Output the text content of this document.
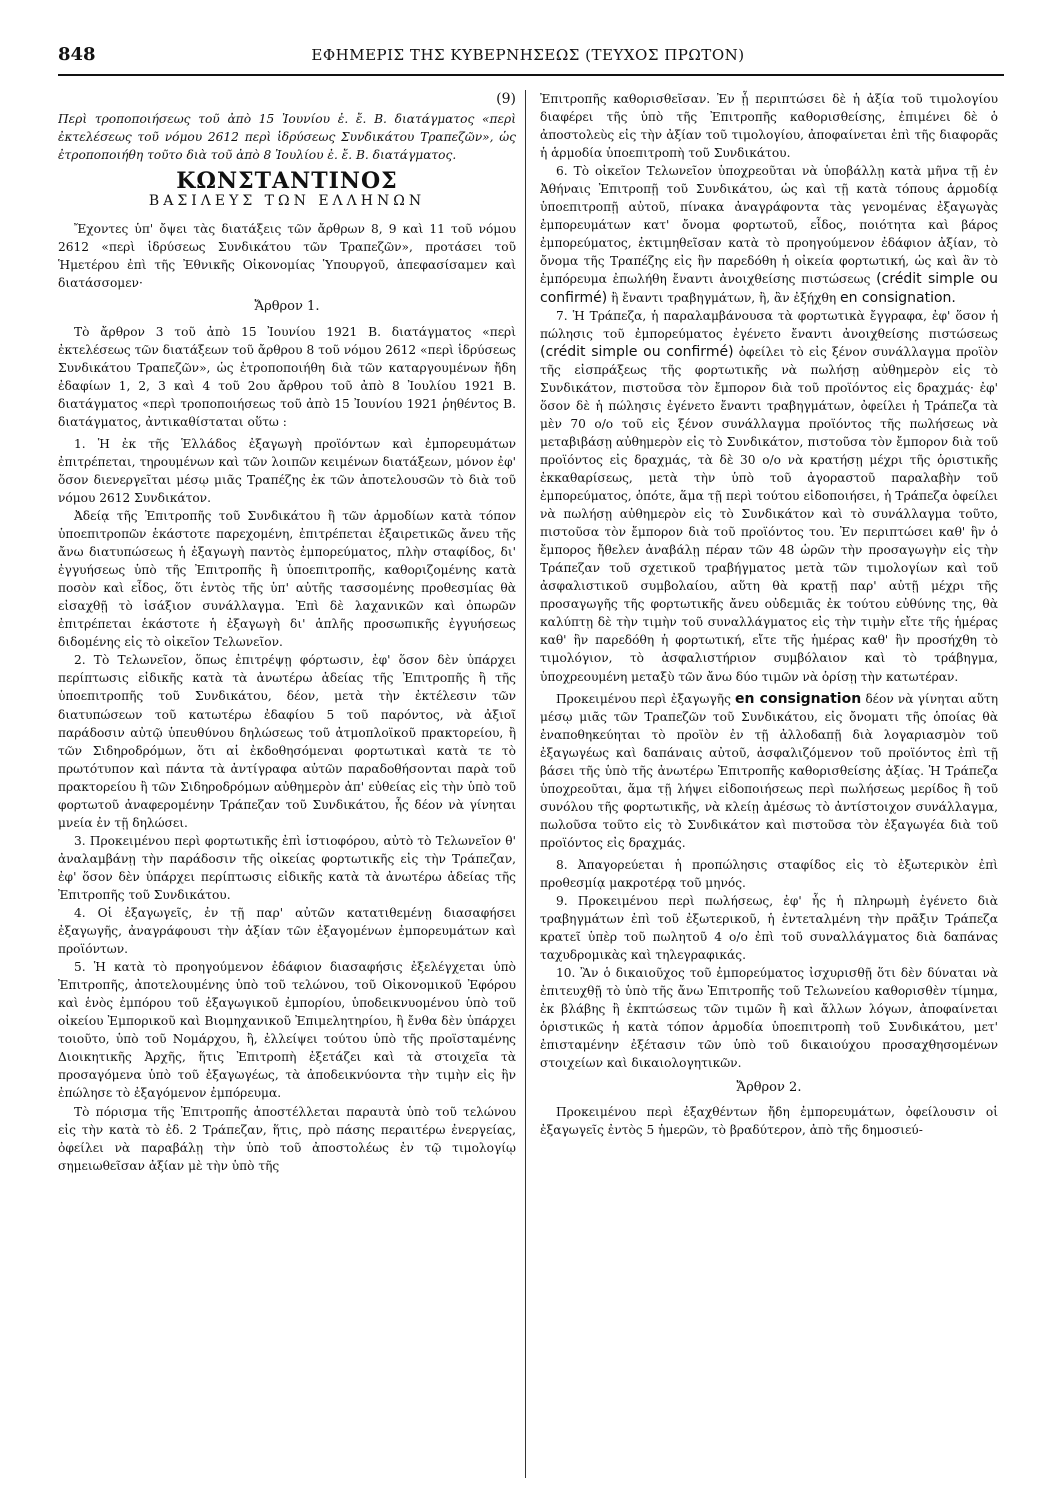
848	ΕΦΗΜΕΡΙΣ ΤΗΣ ΚΥΒΕΡΝΗΣΕΩΣ (ΤΕΥΧΟΣ ΠΡΩΤΟΝ)

(9)

Περὶ τροποποιήσεως τοῦ ἀπὸ 15 Ἰουνίου ἐ. ἔ. Β. διατάγματος «περὶ ἐκτελέσεως τοῦ νόμου 2612 περὶ ἱδρύσεως Συνδικάτου Τραπεζῶν», ὡς ἐτροποποιήθη τοῦτο διὰ τοῦ ἀπὸ 8 Ἰουλίου ἐ. ἔ. Β. διατάγματος.

ΚΩΝΣΤΑΝΤΙΝΟΣ

ΒΑΣΙΛΕΥΣ ΤΩΝ ΕΛΛΗΝΩΝ

Ἔχοντες ὑπ' ὄψει τὰς διατάξεις τῶν ἄρθρων 8, 9 καὶ 11 τοῦ νόμου 2612 «περὶ ἱδρύσεως Συνδικάτου τῶν Τραπεζῶν», προτάσει τοῦ Ἡμετέρου ἐπὶ τῆς Ἐθνικῆς Οἰκονομίας Ὑπουργοῦ, ἀπεφασίσαμεν καὶ διατάσσομεν·

Ἄρθρον 1.

Τὸ ἄρθρον 3 τοῦ ἀπὸ 15 Ἰουνίου 1921 Β. διατάγματος «περὶ ἐκτελέσεως τῶν διατάξεων τοῦ ἄρθρου 8 τοῦ νόμου 2612 «περὶ ἱδρύσεως Συνδικάτου Τραπεζῶν», ὡς ἐτροποποιήθη διὰ τῶν καταργουμένων ἤδη ἐδαφίων 1, 2, 3 καὶ 4 τοῦ 2ου ἄρθρου τοῦ ἀπὸ 8 Ἰουλίου 1921 Β. διατάγματος «περὶ τροποποιήσεως τοῦ ἀπὸ 15 Ἰουνίου 1921 ῥηθέντος Β. διατάγματος, ἀντικαθίσταται οὕτω :

1. Ἡ ἐκ τῆς Ἑλλάδος ἐξαγωγὴ προϊόντων καὶ ἐμπορευμάτων ἐπιτρέπεται, τηρουμένων καὶ τῶν λοιπῶν κειμένων διατάξεων, μόνον ἐφ' ὅσον διενεργεῖται μέσῳ μιᾶς Τραπέζης ἐκ τῶν ἀποτελουσῶν τὸ διὰ τοῦ νόμου 2612 Συνδικάτον.

Ἀδείᾳ τῆς Ἐπιτροπῆς τοῦ Συνδικάτου ἢ τῶν ἁρμοδίων κατὰ τόπον ὑποεπιτροπῶν ἑκάστοτε παρεχομένη, ἐπιτρέπεται ἐξαιρετικῶς ἄνευ τῆς ἄνω διατυπώσεως ἡ ἐξαγωγὴ παντὸς ἐμπορεύματος, πλὴν σταφίδος, δι' ἐγγυήσεως ὑπὸ τῆς Ἐπιτροπῆς ἢ ὑποεπιτροπῆς, καθοριζομένης κατὰ ποσὸν καὶ εἶδος, ὅτι ἐντὸς τῆς ὑπ' αὐτῆς τασσομένης προθεσμίας θὰ εἰσαχθῇ τὸ ἰσάξιον συνάλλαγμα. Ἐπὶ δὲ λαχανικῶν καὶ ὀπωρῶν ἐπιτρέπεται ἑκάστοτε ἡ ἐξαγωγὴ δι' ἁπλῆς προσωπικῆς ἐγγυήσεως διδομένης εἰς τὸ οἰκεῖον Τελωνεῖον.

2. Τὸ Τελωνεῖον, ὅπως ἐπιτρέψῃ φόρτωσιν, ἐφ' ὅσον δὲν ὑπάρχει περίπτωσις εἰδικῆς κατὰ τὰ ἀνωτέρω ἀδείας τῆς Ἐπιτροπῆς ἢ τῆς ὑποεπιτροπῆς τοῦ Συνδικάτου, δέον, μετὰ τὴν ἐκτέλεσιν τῶν διατυπώσεων τοῦ κατωτέρω ἐδαφίου 5 τοῦ παρόντος, νὰ ἀξιοῖ παράδοσιν αὐτῷ ὑπευθύνου δηλώσεως τοῦ ἀτμοπλοϊκοῦ πρακτορείου, ἢ τῶν Σιδηροδρόμων, ὅτι αἱ ἐκδοθησόμεναι φορτωτικαὶ κατὰ τε τὸ πρωτότυπον καὶ πάντα τὰ ἀντίγραφα αὐτῶν παραδοθήσονται παρὰ τοῦ πρακτορείου ἢ τῶν Σιδηροδρόμων αὐθημερὸν ἀπ' εὐθείας εἰς τὴν ὑπὸ τοῦ φορτωτοῦ ἀναφερομένην Τράπεζαν τοῦ Συνδικάτου, ἧς δέον νὰ γίνηται μνεία ἐν τῇ δηλώσει.

3. Προκειμένου περὶ φορτωτικῆς ἐπὶ ἱστιοφόρου, αὐτὸ τὸ Τελωνεῖον θ' ἀναλαμβάνῃ τὴν παράδοσιν τῆς οἰκείας φορτωτικῆς εἰς τὴν Τράπεζαν, ἐφ' ὅσον δὲν ὑπάρχει περίπτωσις εἰδικῆς κατὰ τὰ ἀνωτέρω ἀδείας τῆς Ἐπιτροπῆς τοῦ Συνδικάτου.

4. Οἱ ἐξαγωγεῖς, ἐν τῇ παρ' αὐτῶν κατατιθεμένῃ διασαφήσει ἐξαγωγῆς, ἀναγράφουσι τὴν ἀξίαν τῶν ἐξαγομένων ἐμπορευμάτων καὶ προϊόντων.

5. Ἡ κατὰ τὸ προηγούμενον ἐδάφιον διασαφήσις ἐξελέγχεται ὑπὸ Ἐπιτροπῆς, ἀποτελουμένης ὑπὸ τοῦ τελώνου, τοῦ Οἰκονομικοῦ Ἐφόρου καὶ ἑνὸς ἐμπόρου τοῦ ἐξαγωγικοῦ ἐμπορίου, ὑποδεικνυομένου ὑπὸ τοῦ οἰκείου Ἐμπορικοῦ καὶ Βιομηχανικοῦ Ἐπιμελητηρίου, ἢ ἔνθα δὲν ὑπάρχει τοιοῦτο, ὑπὸ τοῦ Νομάρχου, ἢ, ἐλλείψει τούτου ὑπὸ τῆς προϊσταμένης Διοικητικῆς Ἀρχῆς, ἥτις Ἐπιτροπὴ ἐξετάζει καὶ τὰ στοιχεῖα τὰ προσαγόμενα ὑπὸ τοῦ ἐξαγωγέως, τὰ ἀποδεικνύοντα τὴν τιμὴν εἰς ἣν ἐπώλησε τὸ ἐξαγόμενον ἐμπόρευμα.

Τὸ πόρισμα τῆς Ἐπιτροπῆς ἀποστέλλεται παραυτὰ ὑπὸ τοῦ τελώνου εἰς τὴν κατὰ τὸ ἐδ. 2 Τράπεζαν, ἥτις, πρὸ πάσης περαιτέρω ἐνεργείας, ὀφείλει νὰ παραβάλῃ τὴν ὑπὸ τοῦ ἀποστολέως ἐν τῷ τιμολογίῳ σημειωθεῖσαν ἀξίαν μὲ τὴν ὑπὸ τῆς

Ἐπιτροπῆς καθορισθεῖσαν. Ἐν ᾗ περιπτώσει δὲ ἡ ἀξία τοῦ τιμολογίου διαφέρει τῆς ὑπὸ τῆς Ἐπιτροπῆς καθορισθείσης, ἐπιμένει δὲ ὁ ἀποστολεὺς εἰς τὴν ἀξίαν τοῦ τιμολογίου, ἀποφαίνεται ἐπὶ τῆς διαφορᾶς ἡ ἁρμοδία ὑποεπιτροπὴ τοῦ Συνδικάτου.

6. Τὸ οἰκεῖον Τελωνεῖον ὑποχρεοῦται νὰ ὑποβάλλῃ κατὰ μῆνα τῇ ἐν Ἀθήναις Ἐπιτροπῇ τοῦ Συνδικάτου, ὡς καὶ τῇ κατὰ τόπους ἁρμοδίᾳ ὑποεπιτροπῇ αὐτοῦ, πίνακα ἀναγράφοντα τὰς γενομένας ἐξαγωγὰς ἐμπορευμάτων κατ' ὄνομα φορτωτοῦ, εἶδος, ποιότητα καὶ βάρος ἐμπορεύματος, ἐκτιμηθεῖσαν κατὰ τὸ προηγούμενον ἐδάφιον ἀξίαν, τὸ ὄνομα τῆς Τραπέζης εἰς ἣν παρεδόθη ἡ οἰκεία φορτωτική, ὡς καὶ ἂν τὸ ἐμπόρευμα ἐπωλήθη ἔναντι ἀνοιχθείσης πιστώσεως (crédit simple ou confirmé) ἢ ἔναντι τραβηγμάτων, ἢ, ἂν ἐξήχθη en consignation.

7. Ἡ Τράπεζα, ἡ παραλαμβάνουσα τὰ φορτωτικὰ ἔγγραφα, ἐφ' ὅσον ἡ πώλησις τοῦ ἐμπορεύματος ἐγένετο ἔναντι ἀνοιχθείσης πιστώσεως (crédit simple ou confirmé) ὀφείλει τὸ εἰς ξένον συνάλλαγμα προϊὸν τῆς εἰσπράξεως τῆς φορτωτικῆς νὰ πωλήσῃ αὐθημερὸν εἰς τὸ Συνδικάτον, πιστοῦσα τὸν ἔμπορον διὰ τοῦ προϊόντος εἰς δραχμάς· ἐφ' ὅσον δὲ ἡ πώλησις ἐγένετο ἔναντι τραβηγμάτων, ὀφείλει ἡ Τράπεζα τὰ μὲν 70 ο/ο τοῦ εἰς ξένον συνάλλαγμα προϊόντος τῆς πωλήσεως νὰ μεταβιβάσῃ αὐθημερὸν εἰς τὸ Συνδικάτον, πιστοῦσα τὸν ἔμπορον διὰ τοῦ προϊόντος εἰς δραχμάς, τὰ δὲ 30 ο/ο νὰ κρατήσῃ μέχρι τῆς ὁριστικῆς ἐκκαθαρίσεως, μετὰ τὴν ὑπὸ τοῦ ἀγοραστοῦ παραλαβὴν τοῦ ἐμπορεύματος, ὁπότε, ἅμα τῇ περὶ τούτου εἰδοποιήσει, ἡ Τράπεζα ὀφείλει νὰ πωλήσῃ αὐθημερὸν εἰς τὸ Συνδικάτον καὶ τὸ συνάλλαγμα τοῦτο, πιστοῦσα τὸν ἔμπορον διὰ τοῦ προϊόντος του. Ἐν περιπτώσει καθ' ἣν ὁ ἔμπορος ἤθελεν ἀναβάλῃ πέραν τῶν 48 ὡρῶν τὴν προσαγωγὴν εἰς τὴν Τράπεζαν τοῦ σχετικοῦ τραβήγματος μετὰ τῶν τιμολογίων καὶ τοῦ ἀσφαλιστικοῦ συμβολαίου, αὕτη θὰ κρατῇ παρ' αὐτῇ μέχρι τῆς προσαγωγῆς τῆς φορτωτικῆς ἄνευ οὐδεμιᾶς ἐκ τούτου εὐθύνης της, θὰ καλύπτῃ δὲ τὴν τιμὴν τοῦ συναλλάγματος εἰς τὴν τιμὴν εἴτε τῆς ἡμέρας καθ' ἣν παρεδόθη ἡ φορτωτική, εἴτε τῆς ἡμέρας καθ' ἣν προσήχθη τὸ τιμολόγιον, τὸ ἀσφαλιστήριον συμβόλαιον καὶ τὸ τράβηγμα, ὑποχρεουμένη μεταξὺ τῶν ἄνω δύο τιμῶν νὰ ὁρίσῃ τὴν κατωτέραν.

Προκειμένου περὶ ἐξαγωγῆς en consignation δέον νὰ γίνηται αὕτη μέσῳ μιᾶς τῶν Τραπεζῶν τοῦ Συνδικάτου, εἰς ὄνοματι τῆς ὁποίας θὰ ἐναποθηκεύηται τὸ προϊὸν ἐν τῇ ἀλλοδαπῇ διὰ λογαριασμὸν τοῦ ἐξαγωγέως καὶ δαπάναις αὐτοῦ, ἀσφαλιζόμενον τοῦ προϊόντος ἐπὶ τῇ βάσει τῆς ὑπὸ τῆς ἀνωτέρω Ἐπιτροπῆς καθορισθείσης ἀξίας. Ἡ Τράπεζα ὑποχρεοῦται, ἅμα τῇ λήψει εἰδοποιήσεως περὶ πωλήσεως μερίδος ἢ τοῦ συνόλου τῆς φορτωτικῆς, νὰ κλείῃ ἀμέσως τὸ ἀντίστοιχον συνάλλαγμα, πωλοῦσα τοῦτο εἰς τὸ Συνδικάτον καὶ πιστοῦσα τὸν ἐξαγωγέα διὰ τοῦ προϊόντος εἰς δραχμάς.

8. Ἀπαγορεύεται ἡ προπώλησις σταφίδος εἰς τὸ ἐξωτερικὸν ἐπὶ προθεσμίᾳ μακροτέρᾳ τοῦ μηνός.

9. Προκειμένου περὶ πωλήσεως, ἐφ' ἧς ἡ πληρωμὴ ἐγένετο διὰ τραβηγμάτων ἐπὶ τοῦ ἐξωτερικοῦ, ἡ ἐντεταλμένη τὴν πρᾶξιν Τράπεζα κρατεῖ ὑπὲρ τοῦ πωλητοῦ 4 ο/ο ἐπὶ τοῦ συναλλάγματος διὰ δαπάνας ταχυδρομικὰς καὶ τηλεγραφικάς.

10. Ἂν ὁ δικαιοῦχος τοῦ ἐμπορεύματος ἰσχυρισθῇ ὅτι δὲν δύναται νὰ ἐπιτευχθῇ τὸ ὑπὸ τῆς ἄνω Ἐπιτροπῆς τοῦ Τελωνείου καθορισθὲν τίμημα, ἐκ βλάβης ἢ ἐκπτώσεως τῶν τιμῶν ἢ καὶ ἄλλων λόγων, ἀποφαίνεται ὁριστικῶς ἡ κατὰ τόπον ἁρμοδία ὑποεπιτροπὴ τοῦ Συνδικάτου, μετ' ἐπισταμένην ἐξέτασιν τῶν ὑπὸ τοῦ δικαιούχου προσαχθησομένων στοιχείων καὶ δικαιολογητικῶν.

Ἄρθρον 2.

Προκειμένου περὶ ἐξαχθέντων ἤδη ἐμπορευμάτων, ὀφείλουσιν οἱ ἐξαγωγεῖς ἐντὸς 5 ἡμερῶν, τὸ βραδύτερον, ἀπὸ τῆς δημοσιεύ-
